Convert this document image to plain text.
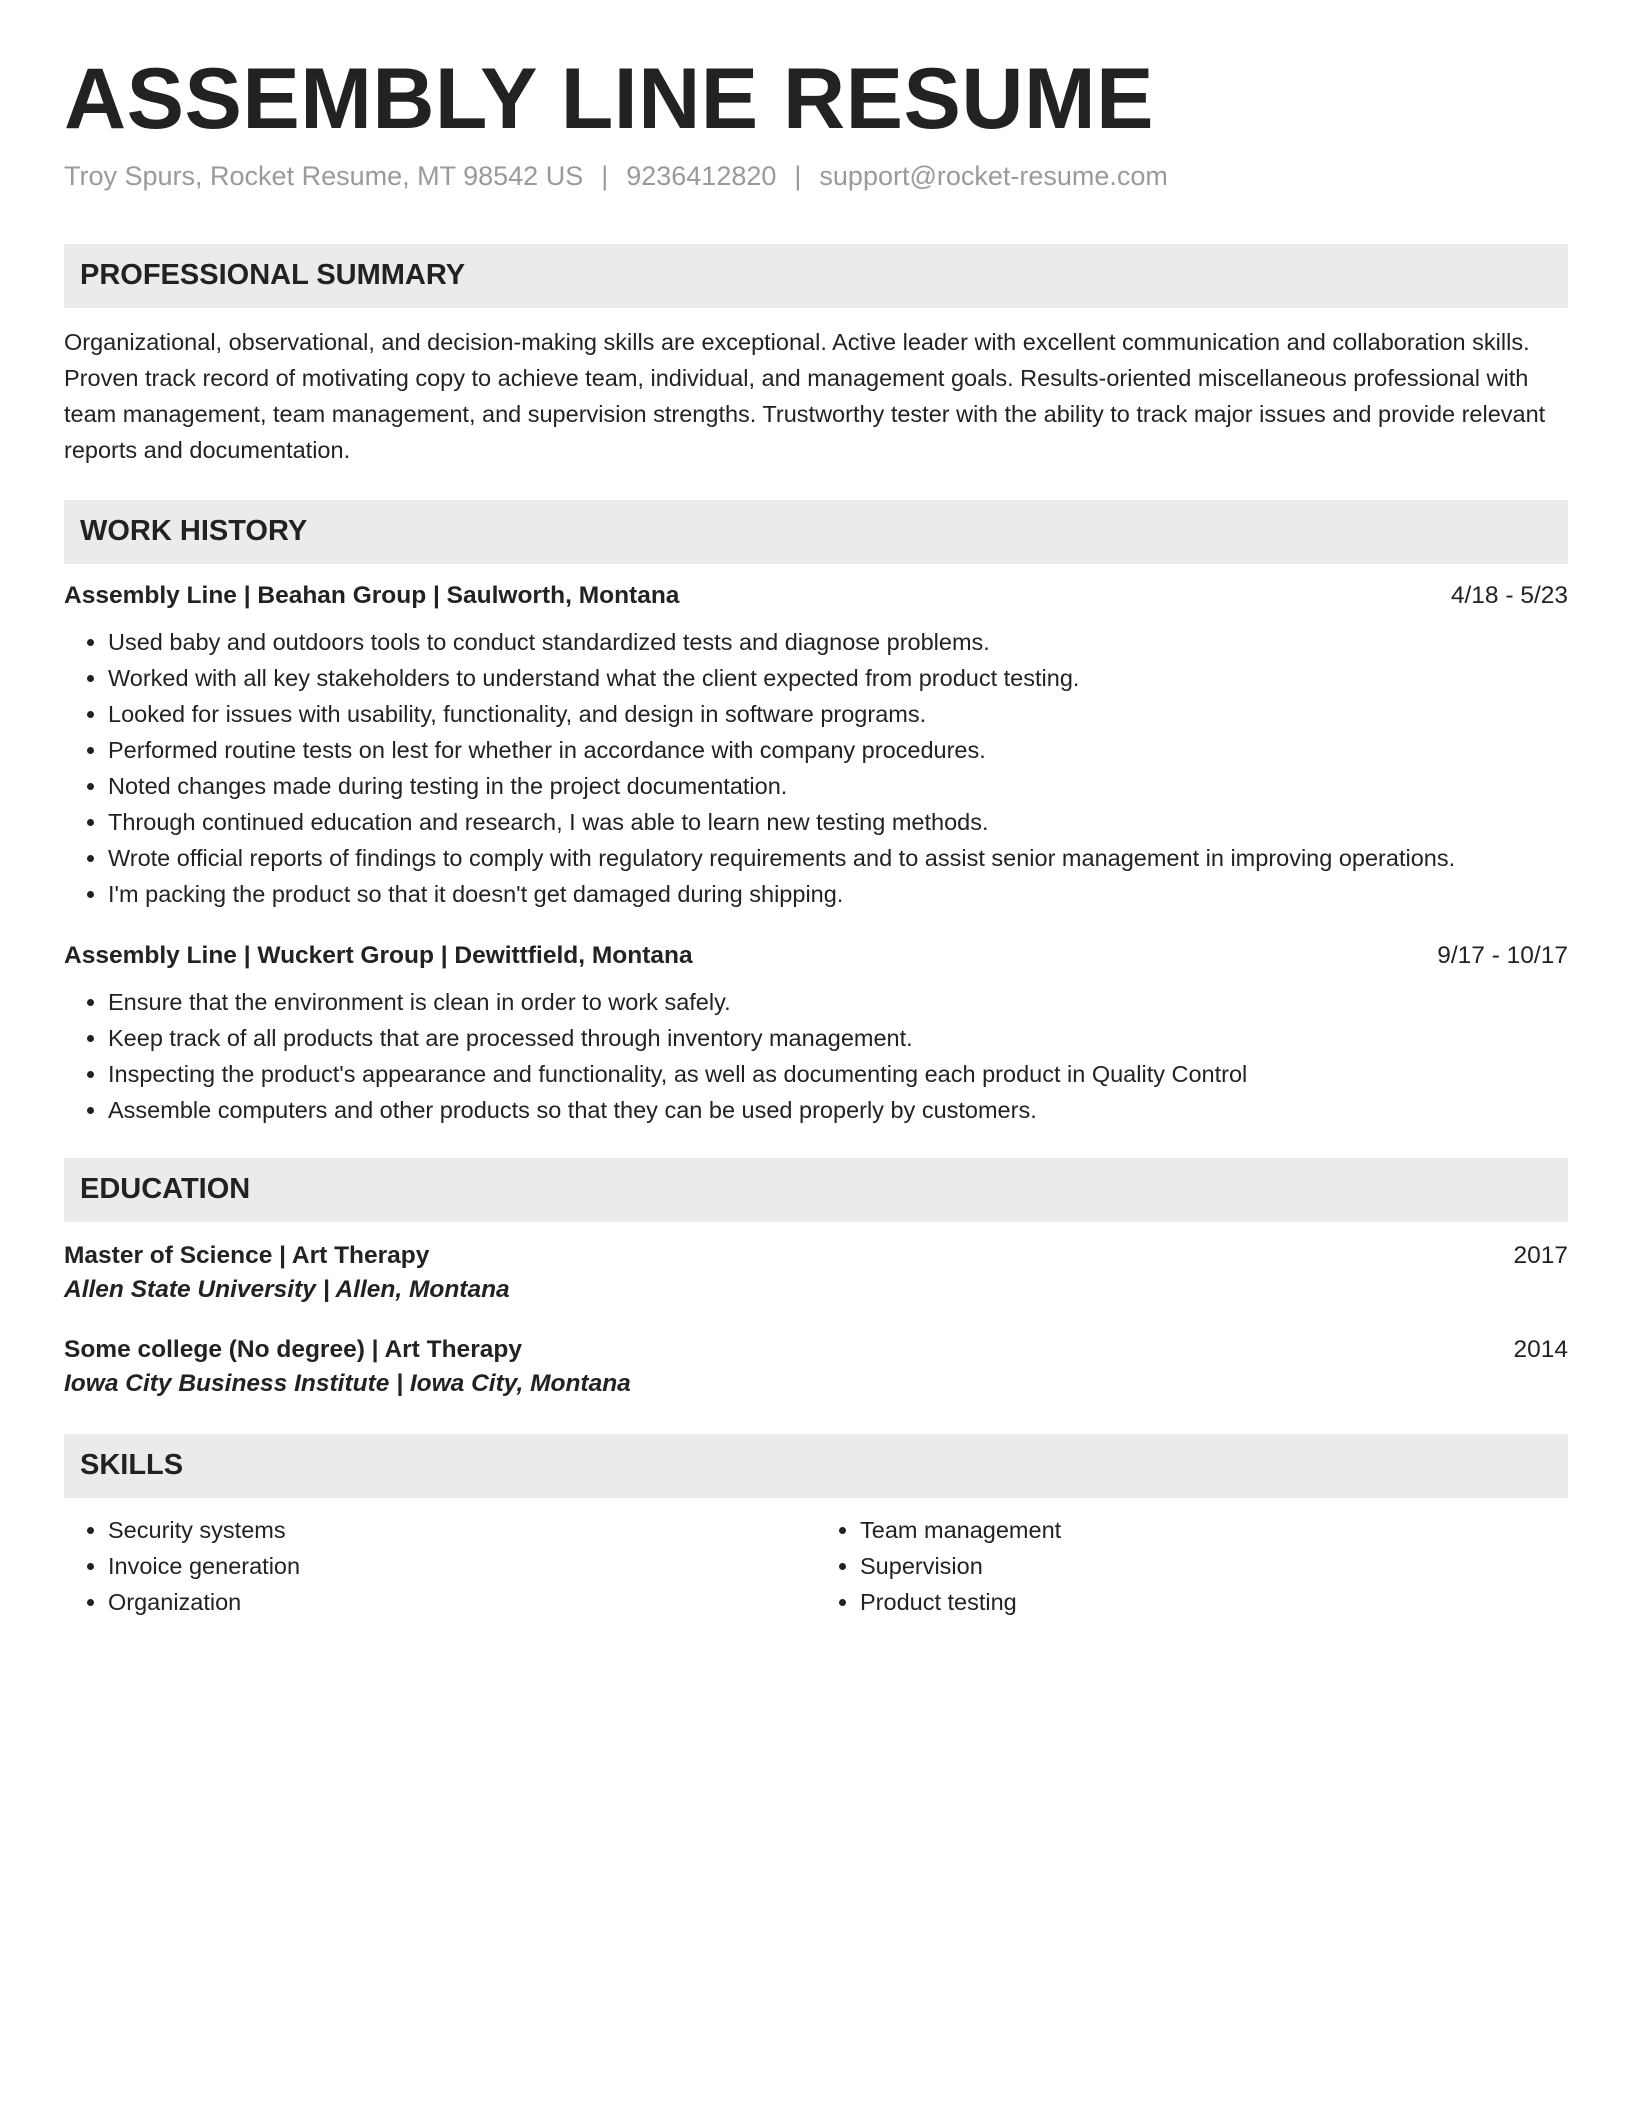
ASSEMBLY LINE RESUME
Troy Spurs, Rocket Resume, MT 98542 US | 9236412820 | support@rocket-resume.com
PROFESSIONAL SUMMARY
Organizational, observational, and decision-making skills are exceptional. Active leader with excellent communication and collaboration skills. Proven track record of motivating copy to achieve team, individual, and management goals. Results-oriented miscellaneous professional with team management, team management, and supervision strengths. Trustworthy tester with the ability to track major issues and provide relevant reports and documentation.
WORK HISTORY
Assembly Line | Beahan Group | Saulworth, Montana	4/18 - 5/23
• Used baby and outdoors tools to conduct standardized tests and diagnose problems.
• Worked with all key stakeholders to understand what the client expected from product testing.
• Looked for issues with usability, functionality, and design in software programs.
• Performed routine tests on lest for whether in accordance with company procedures.
• Noted changes made during testing in the project documentation.
• Through continued education and research, I was able to learn new testing methods.
• Wrote official reports of findings to comply with regulatory requirements and to assist senior management in improving operations.
• I'm packing the product so that it doesn't get damaged during shipping.
Assembly Line | Wuckert Group | Dewittfield, Montana	9/17 - 10/17
• Ensure that the environment is clean in order to work safely.
• Keep track of all products that are processed through inventory management.
• Inspecting the product's appearance and functionality, as well as documenting each product in Quality Control
• Assemble computers and other products so that they can be used properly by customers.
EDUCATION
Master of Science | Art Therapy	2017
Allen State University | Allen, Montana
Some college (No degree) | Art Therapy	2014
Iowa City Business Institute | Iowa City, Montana
SKILLS
• Security systems
• Invoice generation
• Organization
• Team management
• Supervision
• Product testing
